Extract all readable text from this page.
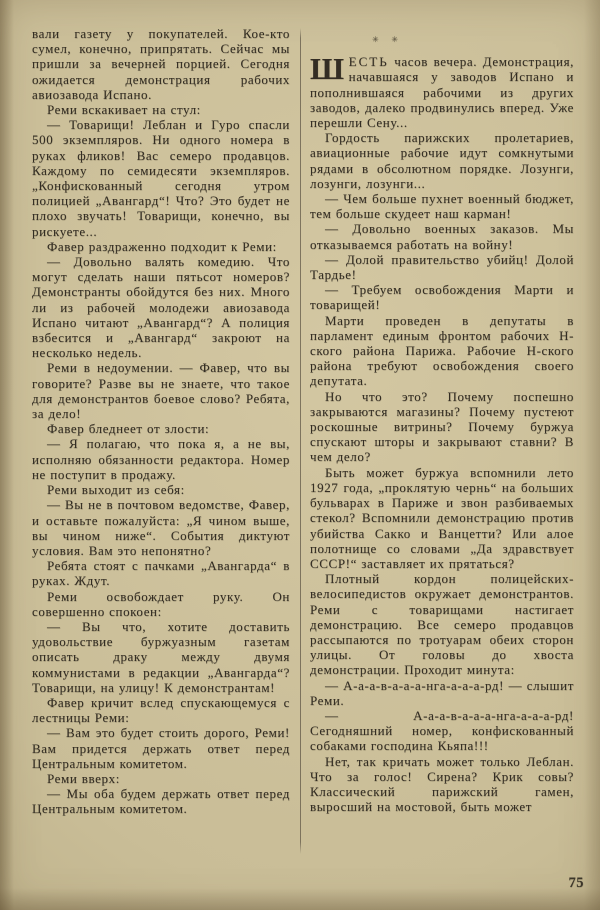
вали газету у покупателей. Кое-кто сумел, конечно, припрятать. Сейчас мы пришли за вечерней порцией. Сегодня ожидается демонстрация рабочих авиозавода Испано.

Реми вскакивает на стул:

— Товарищи! Леблан и Гуро спасли 500 экземпляров. Ни одного номера в руках фликов! Вас семеро продавцов. Каждому по семидесяти экземпляров. „Конфискованный сегодня утром полицией „Авангард“! Что? Это будет не плохо звучать! Товарищи, конечно, вы рискуете...

Фавер раздраженно подходит к Реми:

— Довольно валять комедию. Что могут сделать наши пятьсот номеров? Демонстранты обойдутся без них. Много ли из рабочей молодежи авиозавода Испано читают „Авангард“? А полиция взбесится и „Авангард“ закроют на несколько недель.

Реми в недоумении. — Фавер, что вы говорите? Разве вы не знаете, что такое для демонстрантов боевое слово? Ребята, за дело!

Фавер бледнеет от злости:

— Я полагаю, что пока я, а не вы, исполняю обязанности редактора. Номер не поступит в продажу.

Реми выходит из себя:

— Вы не в почтовом ведомстве, Фавер, и оставьте пожалуйста: „Я чином выше, вы чином ниже“. События диктуют условия. Вам это непонятно?

Ребята стоят с пачками „Авангарда“ в руках. Ждут.

Реми освобождает руку. Он совершенно спокоен:

— Вы что, хотите доставить удовольствие буржуазным газетам описать драку между двумя коммунистами в редакции „Авангарда“? Товарищи, на улицу! К демонстрантам!

Фавер кричит вслед спускающемуся с лестницы Реми:

— Вам это будет стоить дорого, Реми! Вам придется держать ответ перед Центральным комитетом.

Реми вверх:

— Мы оба будем держать ответ перед Центральным комитетом.

✳ ✳

ШЕСТЬ часов вечера. Демонстрация, начавшаяся у заводов Испано и пополнившаяся рабочими из других заводов, далеко продвинулись вперед. Уже перешли Сену...

Гордость парижских пролетариев, авиационные рабочие идут сомкнутыми рядами в обсолютном порядке. Лозунги, лозунги, лозунги...

— Чем больше пухнет военный бюджет, тем больше скудеет наш карман!

— Довольно военных заказов. Мы отказываемся работать на войну!

— Долой правительство убийц! Долой Тардье!

— Требуем освобождения Марти и товарищей!

Марти проведен в депутаты в парламент единым фронтом рабочих Н-ского района Парижа. Рабочие Н-ского района требуют освобождения своего депутата.

Но что это? Почему поспешно закрываются магазины? Почему пустеют роскошные витрины? Почему буржуа спускают шторы и закрывают ставни? В чем дело?

Быть может буржуа вспомнили лето 1927 года, „проклятую чернь“ на больших бульварах в Париже и звон разбиваемых стекол? Вспомнили демонстрацию против убийства Сакко и Ванцетти? Или алое полотнище со словами „Да здравствует СССР!“ заставляет их прятаться?

Плотный кордон полицейских-велосипедистов окружает демонстрантов. Реми с товарищами настигает демонстрацию. Все семеро продавцов рассыпаются по тротуарам обеих сторон улицы. От головы до хвоста демонстрации. Проходит минута:

— А-а-а-в-а-а-а-нга-а-а-а-рд! — слышит Реми.

— А-а-а-в-а-а-а-нга-а-а-а-рд! Сегодняшний номер, конфискованный собаками господина Кьяпа!!!

Нет, так кричать может только Леблан. Что за голос! Сирена? Крик совы? Классический парижский гамен, выросший на мостовой, быть может

75
